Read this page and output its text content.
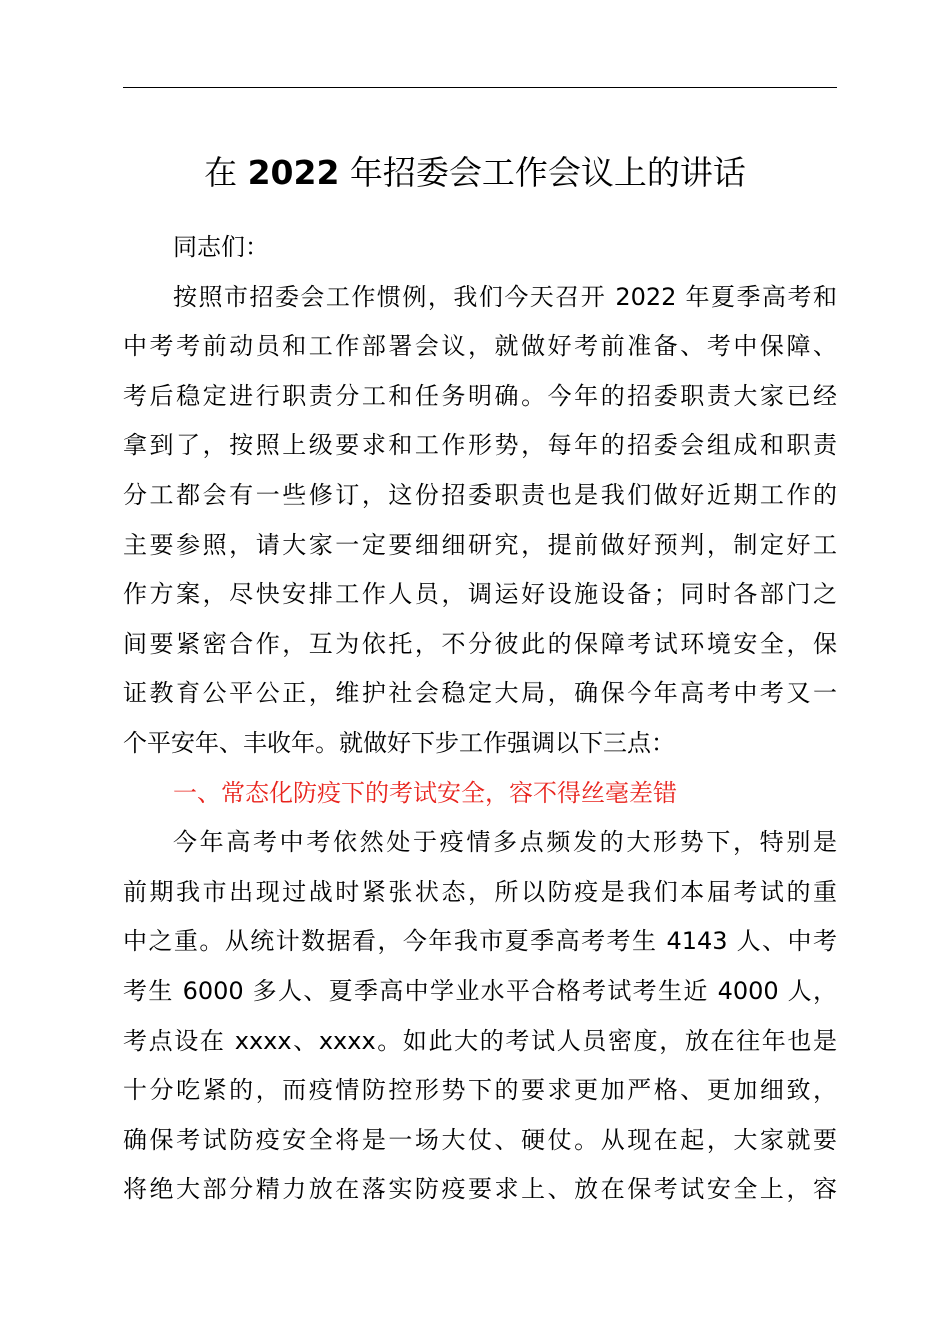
在 2022 年招委会工作会议上的讲话
同志们：
按照市招委会工作惯例，我们今天召开 2022 年夏季高考和
中考考前动员和工作部署会议，就做好考前准备、考中保障、
考后稳定进行职责分工和任务明确。今年的招委职责大家已经
拿到了，按照上级要求和工作形势，每年的招委会组成和职责
分工都会有一些修订，这份招委职责也是我们做好近期工作的
主要参照，请大家一定要细细研究，提前做好预判，制定好工
作方案，尽快安排工作人员，调运好设施设备；同时各部门之
间要紧密合作，互为依托，不分彼此的保障考试环境安全，保
证教育公平公正，维护社会稳定大局，确保今年高考中考又一
个平安年、丰收年。就做好下步工作强调以下三点：
一、常态化防疫下的考试安全，容不得丝毫差错
今年高考中考依然处于疫情多点频发的大形势下，特别是
前期我市出现过战时紧张状态，所以防疫是我们本届考试的重
中之重。从统计数据看，今年我市夏季高考考生 4143 人、中考
考生 6000 多人、夏季高中学业水平合格考试考生近 4000 人，
考点设在 xxxx、xxxx。如此大的考试人员密度，放在往年也是
十分吃紧的，而疫情防控形势下的要求更加严格、更加细致，
确保考试防疫安全将是一场大仗、硬仗。从现在起，大家就要
将绝大部分精力放在落实防疫要求上、放在保考试安全上，容
